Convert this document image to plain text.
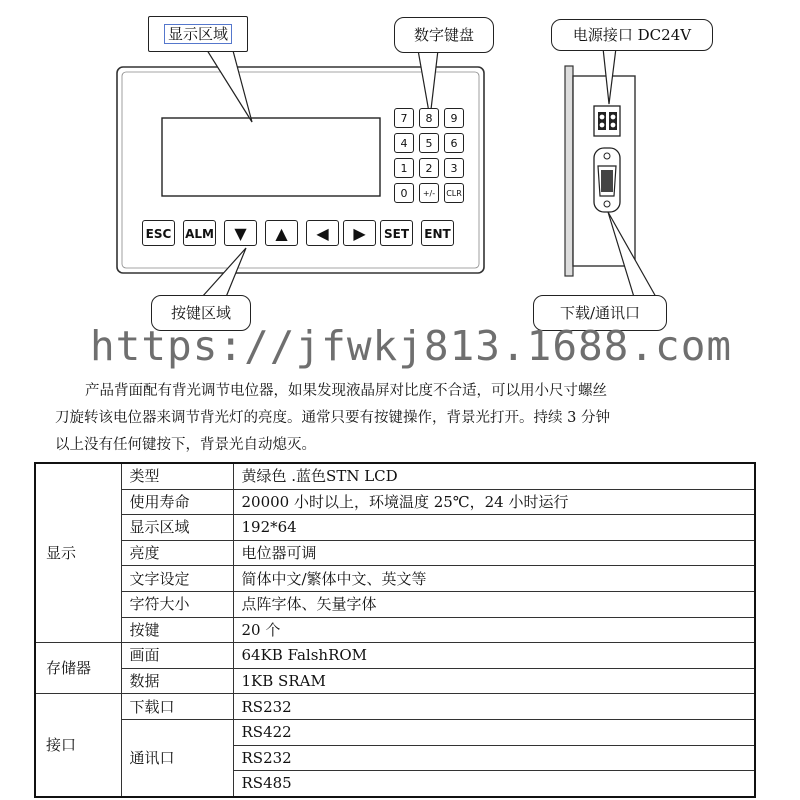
7	8	9
4	5	6
1	2	3
0	+/-	CLR
ESC	ALM	▼	▲	◀	▶	SET	ENT
显示区域	数字键盘	电源接口 DC24V
按键区域	下载/通讯口
https://jfwkj813.1688.com
产品背面配有背光调节电位器，如果发现液晶屏对比度不合适，可以用小尺寸螺丝
刀旋转该电位器来调节背光灯的亮度。通常只要有按键操作，背景光打开。持续 3 分钟
以上没有任何键按下，背景光自动熄灭。
显示	类型	黄绿色 .蓝色STN LCD
	使用寿命	20000 小时以上，环境温度 25℃，24 小时运行
	显示区域	192*64
	亮度	电位器可调
	文字设定	简体中文/繁体中文、英文等
	字符大小	点阵字体、矢量字体
	按键	20 个
存储器	画面	64KB FalshROM
	数据	1KB SRAM
接口	下载口	RS232
	通讯口	RS422
		RS232
		RS485
